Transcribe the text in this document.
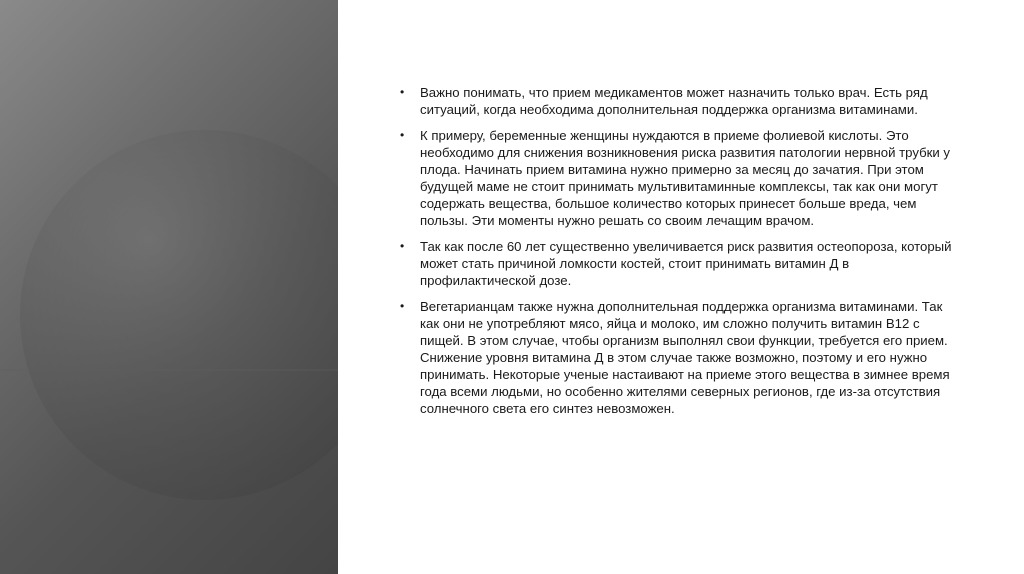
• Важно понимать, что прием медикаментов может назначить только врач. Есть ряд ситуаций, когда необходима дополнительная поддержка организма витаминами.
• К примеру, беременные женщины нуждаются в приеме фолиевой кислоты. Это необходимо для снижения возникновения риска развития патологии нервной трубки у плода. Начинать прием витамина нужно примерно за месяц до зачатия. При этом будущей маме не стоит принимать мультивитаминные комплексы, так как они могут содержать вещества, большое количество которых принесет больше вреда, чем пользы. Эти моменты нужно решать со своим лечащим врачом.
• Так как после 60 лет существенно увеличивается риск развития остеопороза, который может стать причиной ломкости костей, стоит принимать витамин Д в профилактической дозе.
• Вегетарианцам также нужна дополнительная поддержка организма витаминами. Так как они не употребляют мясо, яйца и молоко, им сложно получить витамин В12 с пищей. В этом случае, чтобы организм выполнял свои функции, требуется его прием. Снижение уровня витамина Д в этом случае также возможно, поэтому и его нужно принимать. Некоторые ученые настаивают на приеме этого вещества в зимнее время года всеми людьми, но особенно жителями северных регионов, где из-за отсутствия солнечного света его синтез невозможен.
